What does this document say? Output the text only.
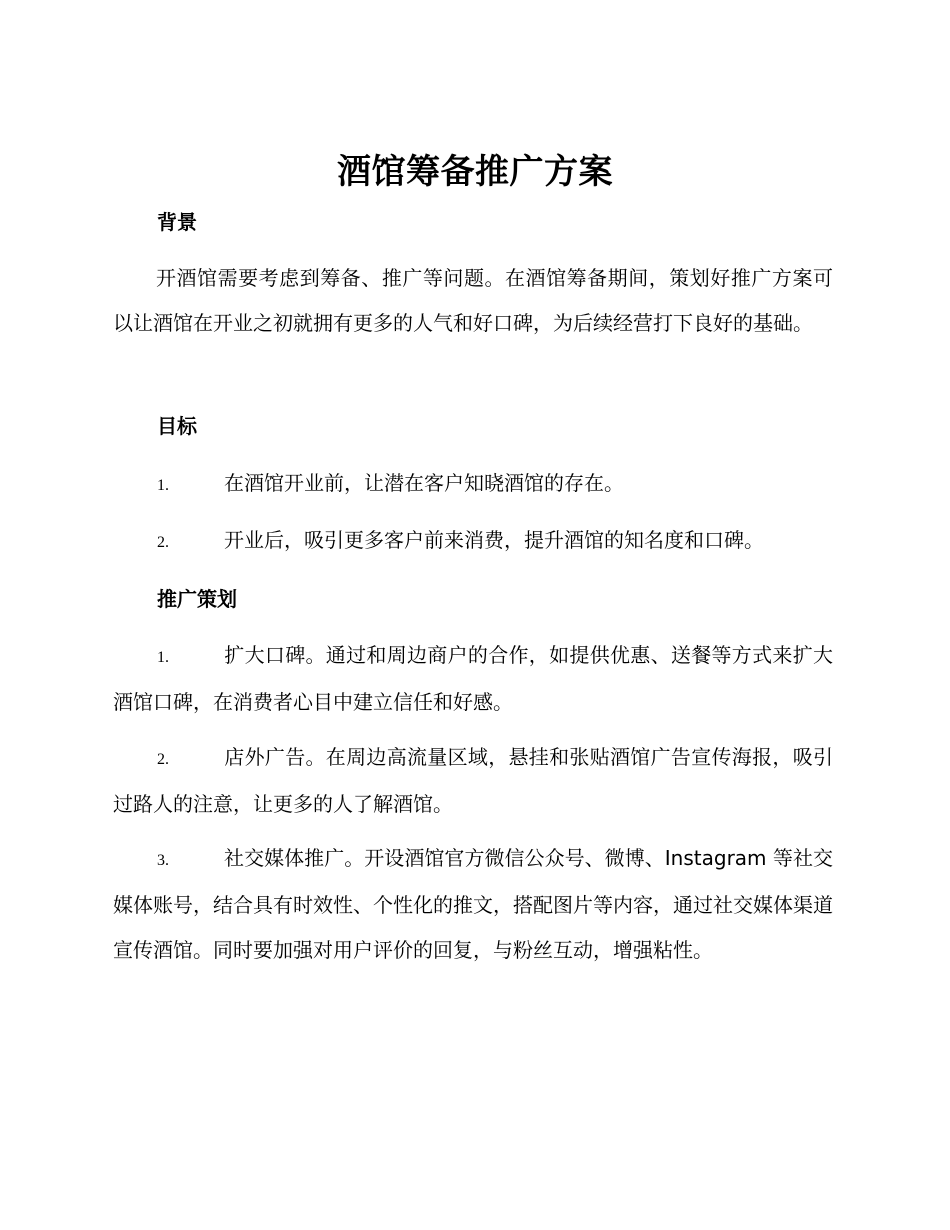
酒馆筹备推广方案
背景
开酒馆需要考虑到筹备、推广等问题。在酒馆筹备期间，策划好推广方案可以让酒馆在开业之初就拥有更多的人气和好口碑，为后续经营打下良好的基础。
目标
1.	在酒馆开业前，让潜在客户知晓酒馆的存在。
2.	开业后，吸引更多客户前来消费，提升酒馆的知名度和口碑。
推广策划
1.	扩大口碑。通过和周边商户的合作，如提供优惠、送餐等方式来扩大酒馆口碑，在消费者心目中建立信任和好感。
2.	店外广告。在周边高流量区域，悬挂和张贴酒馆广告宣传海报，吸引过路人的注意，让更多的人了解酒馆。
3.	社交媒体推广。开设酒馆官方微信公众号、微博、Instagram 等社交媒体账号，结合具有时效性、个性化的推文，搭配图片等内容，通过社交媒体渠道宣传酒馆。同时要加强对用户评价的回复，与粉丝互动，增强粘性。
